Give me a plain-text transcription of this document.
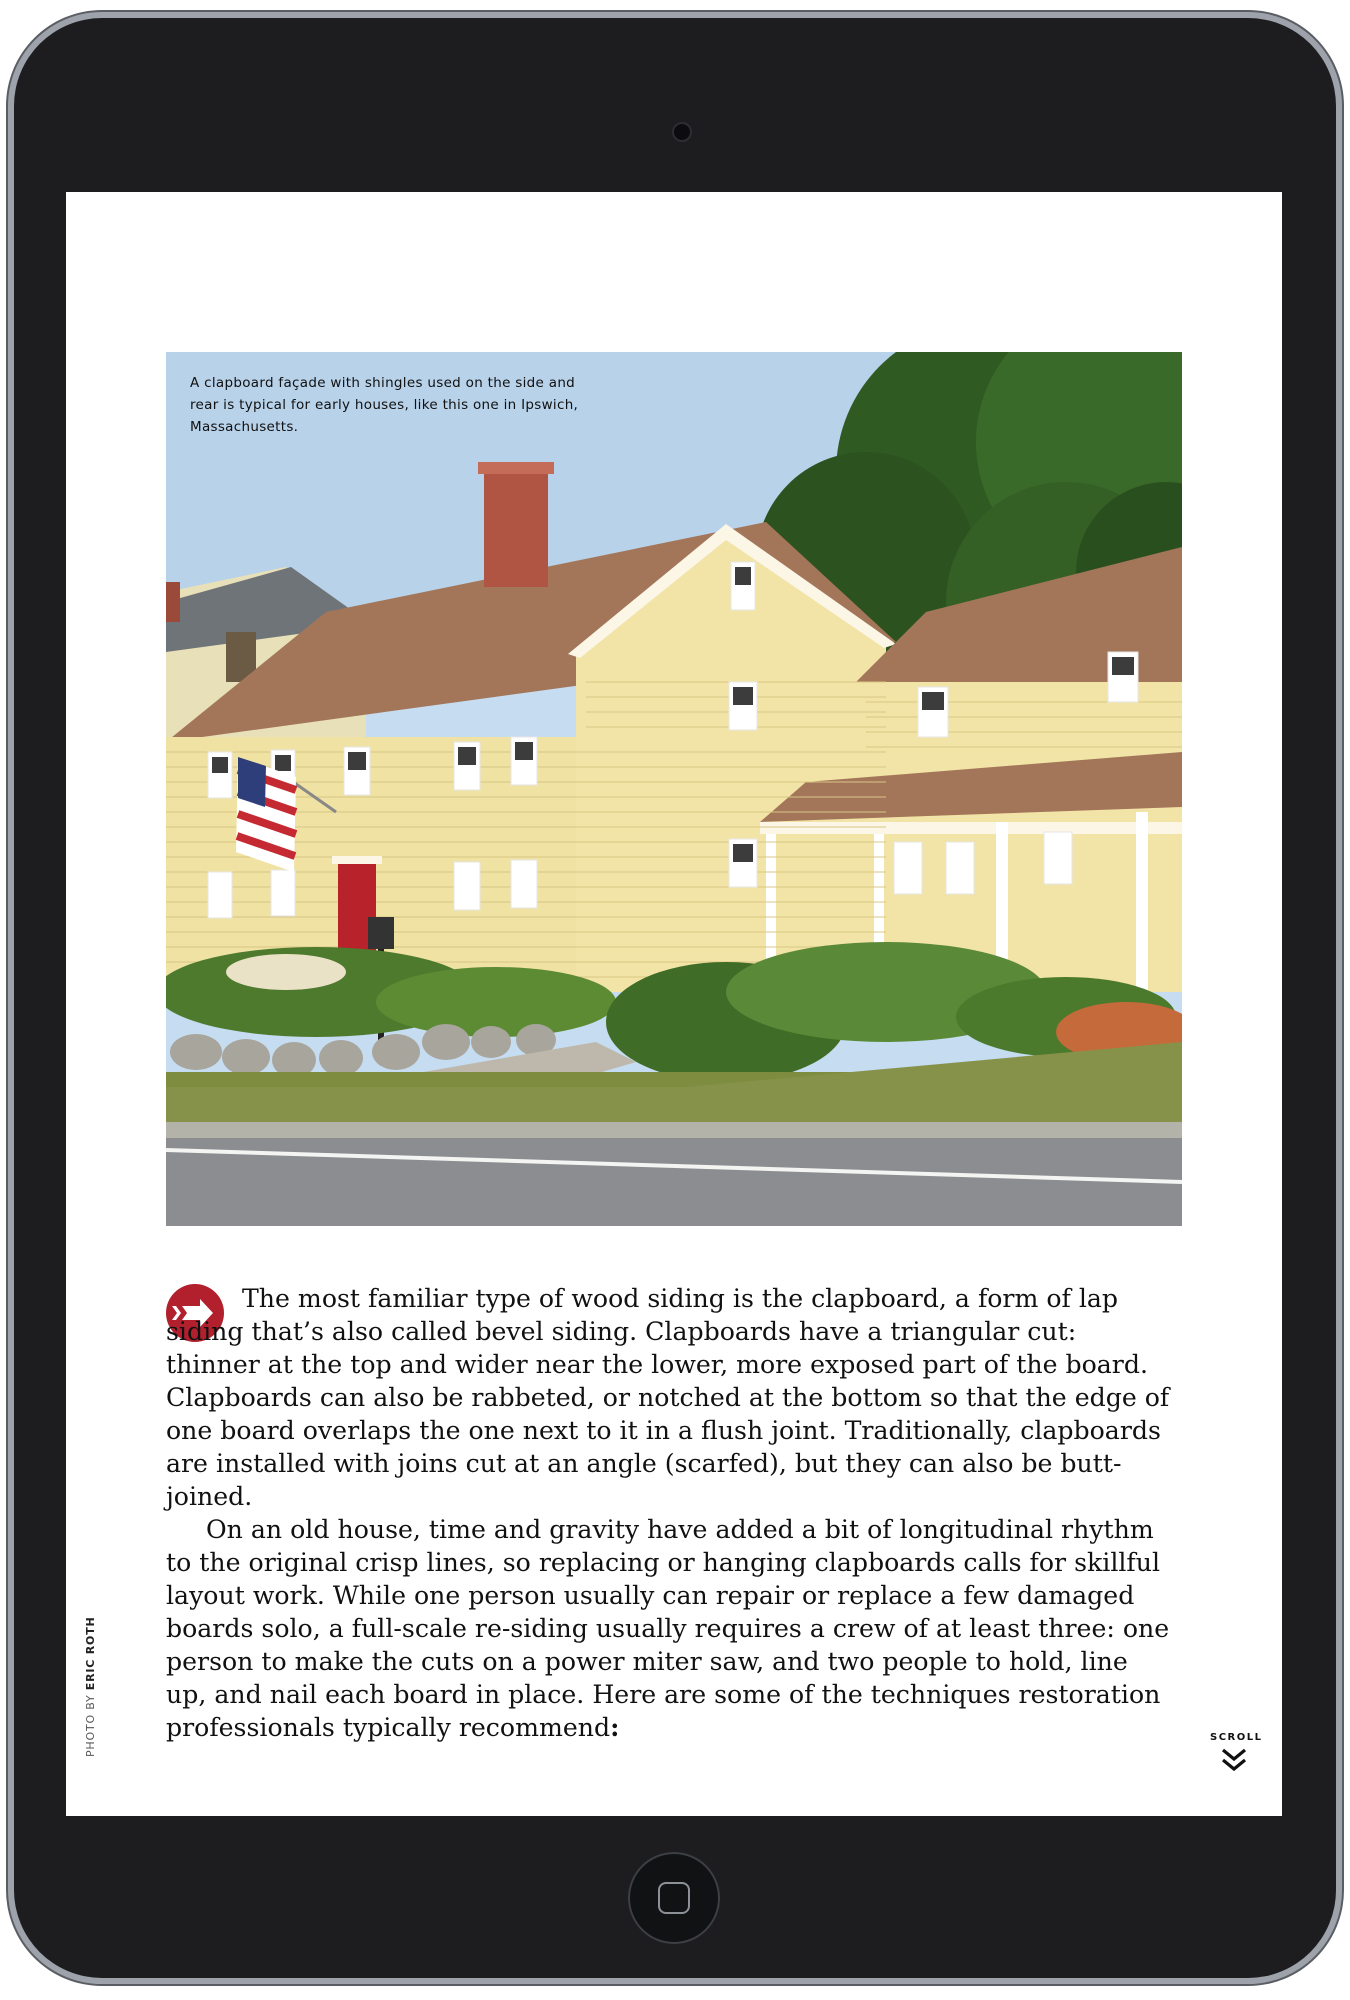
A clapboard façade with shingles used on the side and rear is typical for early houses, like this one in Ipswich, Massachusetts.

The most familiar type of wood siding is the clapboard, a form of lap siding that’s also called bevel siding. Clapboards have a triangular cut: thinner at the top and wider near the lower, more exposed part of the board. Clapboards can also be rabbeted, or notched at the bottom so that the edge of one board overlaps the one next to it in a flush joint. Traditionally, clapboards are installed with joins cut at an angle (scarfed), but they can also be butt-joined.

On an old house, time and gravity have added a bit of longitudinal rhythm to the original crisp lines, so replacing or hanging clapboards calls for skillful layout work. While one person usually can repair or replace a few damaged boards solo, a full-scale re-siding usually requires a crew of at least three: one person to make the cuts on a power miter saw, and two people to hold, line up, and nail each board in place. Here are some of the techniques restoration professionals typically recommend:

PHOTO BY ERIC ROTH
SCROLL
